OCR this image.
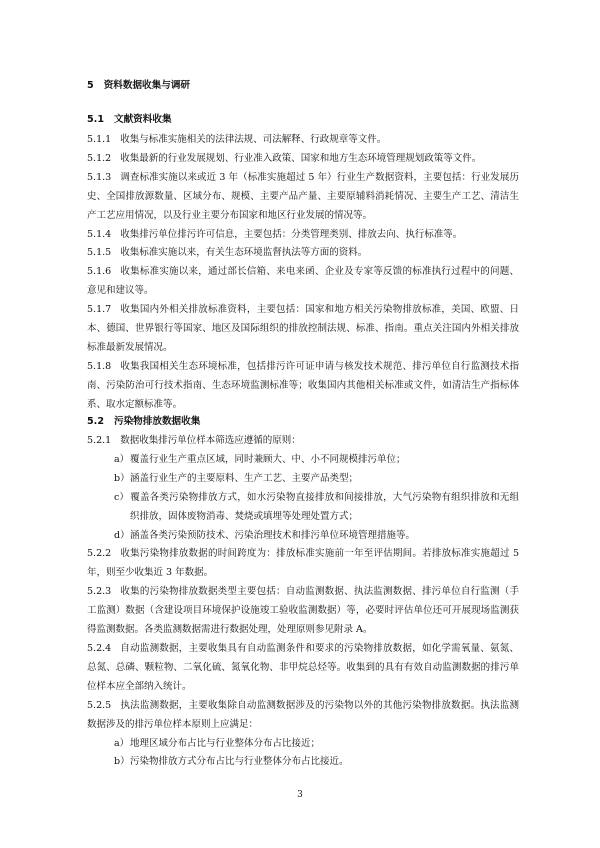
5 资料数据收集与调研
5.1 文献资料收集
5.1.1 收集与标准实施相关的法律法规、司法解释、行政规章等文件。
5.1.2 收集最新的行业发展规划、行业准入政策、国家和地方生态环境管理规划政策等文件。
5.1.3 调查标准实施以来或近 3 年（标准实施超过 5 年）行业生产数据资料，主要包括：行业发展历史、全国排放源数量、区域分布、规模、主要产品产量、主要原辅料消耗情况、主要生产工艺、清洁生产工艺应用情况，以及行业主要分布国家和地区行业发展的情况等。
5.1.4 收集排污单位排污许可信息，主要包括：分类管理类别、排放去向、执行标准等。
5.1.5 收集标准实施以来，有关生态环境监督执法等方面的资料。
5.1.6 收集标准实施以来，通过部长信箱、来电来函、企业及专家等反馈的标准执行过程中的问题、意见和建议等。
5.1.7 收集国内外相关排放标准资料，主要包括：国家和地方相关污染物排放标准，美国、欧盟、日本、德国、世界银行等国家、地区及国际组织的排放控制法规、标准、指南。重点关注国内外相关排放标准最新发展情况。
5.1.8 收集我国相关生态环境标准，包括排污许可证申请与核发技术规范、排污单位自行监测技术指南、污染防治可行技术指南、生态环境监测标准等；收集国内其他相关标准或文件，如清洁生产指标体系、取水定额标准等。
5.2 污染物排放数据收集
5.2.1 数据收集排污单位样本筛选应遵循的原则：
a）覆盖行业生产重点区域，同时兼顾大、中、小不同规模排污单位；
b）涵盖行业生产的主要原料、生产工艺、主要产品类型；
c）覆盖各类污染物排放方式，如水污染物直接排放和间接排放，大气污染物有组织排放和无组织排放，固体废物消毒、焚烧或填埋等处理处置方式；
d）涵盖各类污染预防技术、污染治理技术和排污单位环境管理措施等。
5.2.2 收集污染物排放数据的时间跨度为：排放标准实施前一年至评估期间。若排放标准实施超过 5 年，则至少收集近 3 年数据。
5.2.3 收集的污染物排放数据类型主要包括：自动监测数据、执法监测数据、排污单位自行监测（手工监测）数据（含建设项目环境保护设施竣工验收监测数据）等，必要时评估单位还可开展现场监测获得监测数据。各类监测数据需进行数据处理，处理原则参见附录 A。
5.2.4 自动监测数据，主要收集具有自动监测条件和要求的污染物排放数据，如化学需氧量、氨氮、总氮、总磷、颗粒物、二氧化硫、氮氧化物、非甲烷总烃等。收集到的具有有效自动监测数据的排污单位样本应全部纳入统计。
5.2.5 执法监测数据，主要收集除自动监测数据涉及的污染物以外的其他污染物排放数据。执法监测数据涉及的排污单位样本原则上应满足：
a）地理区域分布占比与行业整体分布占比接近；
b）污染物排放方式分布占比与行业整体分布占比接近。
3
